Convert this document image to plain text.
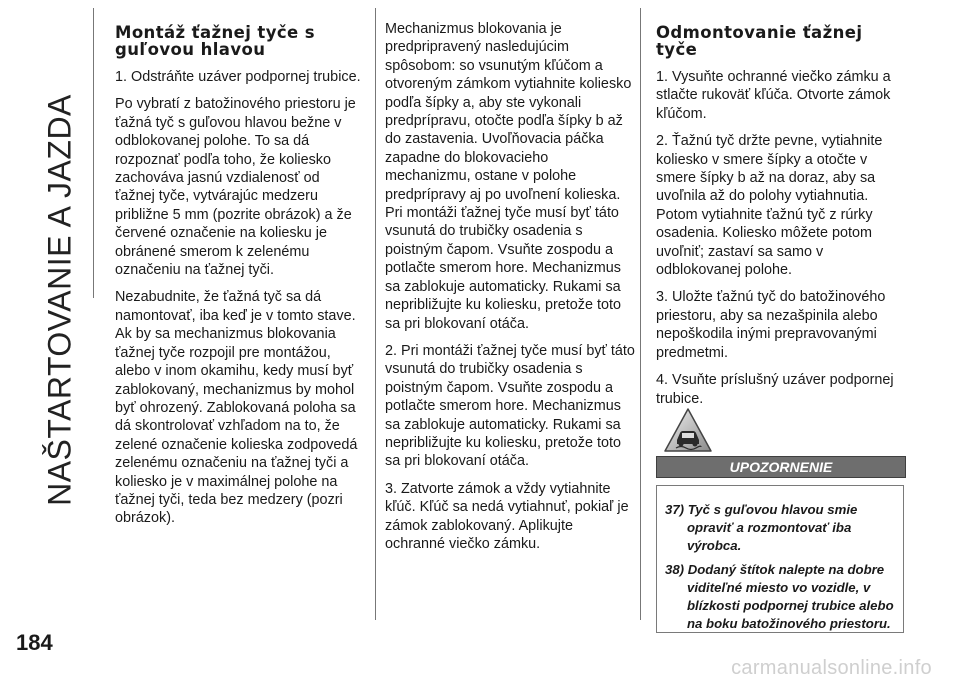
NAŠTARTOVANIE A JAZDA
184
carmanualsonline.info
Montáž ťažnej tyče s guľovou hlavou

1. Odstráňte uzáver podpornej trubice.

Po vybratí z batožinového priestoru je ťažná tyč s guľovou hlavou bežne v odblokovanej polohe. To sa dá rozpoznať podľa toho, že koliesko zachováva jasnú vzdialenosť od ťažnej tyče, vytvárajúc medzeru približne 5 mm (pozrite obrázok) a že červené označenie na koliesku je obránené smerom k zelenému označeniu na ťažnej tyči.

Nezabudnite, že ťažná tyč sa dá namontovať, iba keď je v tomto stave. Ak by sa mechanizmus blokovania ťažnej tyče rozpojil pre montážou, alebo v inom okamihu, kedy musí byť zablokovaný, mechanizmus by mohol byť ohrozený. Zablokovaná poloha sa dá skontrolovať vzhľadom na to, že zelené označenie kolieska zodpovedá zelenému označeniu na ťažnej tyči a koliesko je v maximálnej polohe na ťažnej tyči, teda bez medzery (pozri obrázok).

Mechanizmus blokovania je predpripravený nasledujúcim spôsobom: so vsunutým kľúčom a otvoreným zámkom vytiahnite koliesko podľa šípky a, aby ste vykonali predprípravu, otočte podľa šípky b až do zastavenia. Uvoľňovacia páčka zapadne do blokovacieho mechanizmu, ostane v polohe predprípravy aj po uvoľnení kolieska. Pri montáži ťažnej tyče musí byť táto vsunutá do trubičky osadenia s poistným čapom. Vsuňte zospodu a potlačte smerom hore. Mechanizmus sa zablokuje automaticky. Rukami sa nepribližujte ku koliesku, pretože toto sa pri blokovaní otáča.

2. Pri montáži ťažnej tyče musí byť táto vsunutá do trubičky osadenia s poistným čapom. Vsuňte zospodu a potlačte smerom hore. Mechanizmus sa zablokuje automaticky. Rukami sa nepribližujte ku koliesku, pretože toto sa pri blokovaní otáča.

3. Zatvorte zámok a vždy vytiahnite kľúč. Kľúč sa nedá vytiahnuť, pokiaľ je zámok zablokovaný. Aplikujte ochranné viečko zámku.

Odmontovanie ťažnej tyče

1. Vysuňte ochranné viečko zámku a stlačte rukoväť kľúča. Otvorte zámok kľúčom.

2. Ťažnú tyč držte pevne, vytiahnite koliesko v smere šípky a otočte v smere šípky b až na doraz, aby sa uvoľnila až do polohy vytiahnutia. Potom vytiahnite ťažnú tyč z rúrky osadenia. Koliesko môžete potom uvoľniť; zastaví sa samo v odblokovanej polohe.

3. Uložte ťažnú tyč do batožinového priestoru, aby sa nezašpinila alebo nepoškodila inými prepravovanými predmetmi.

4. Vsuňte príslušný uzáver podpornej trubice.

UPOZORNENIE

37) Tyč s guľovou hlavou smie opraviť a rozmontovať iba výrobca.

38) Dodaný štítok nalepte na dobre viditeľné miesto vo vozidle, v blízkosti podpornej trubice alebo na boku batožinového priestoru.
